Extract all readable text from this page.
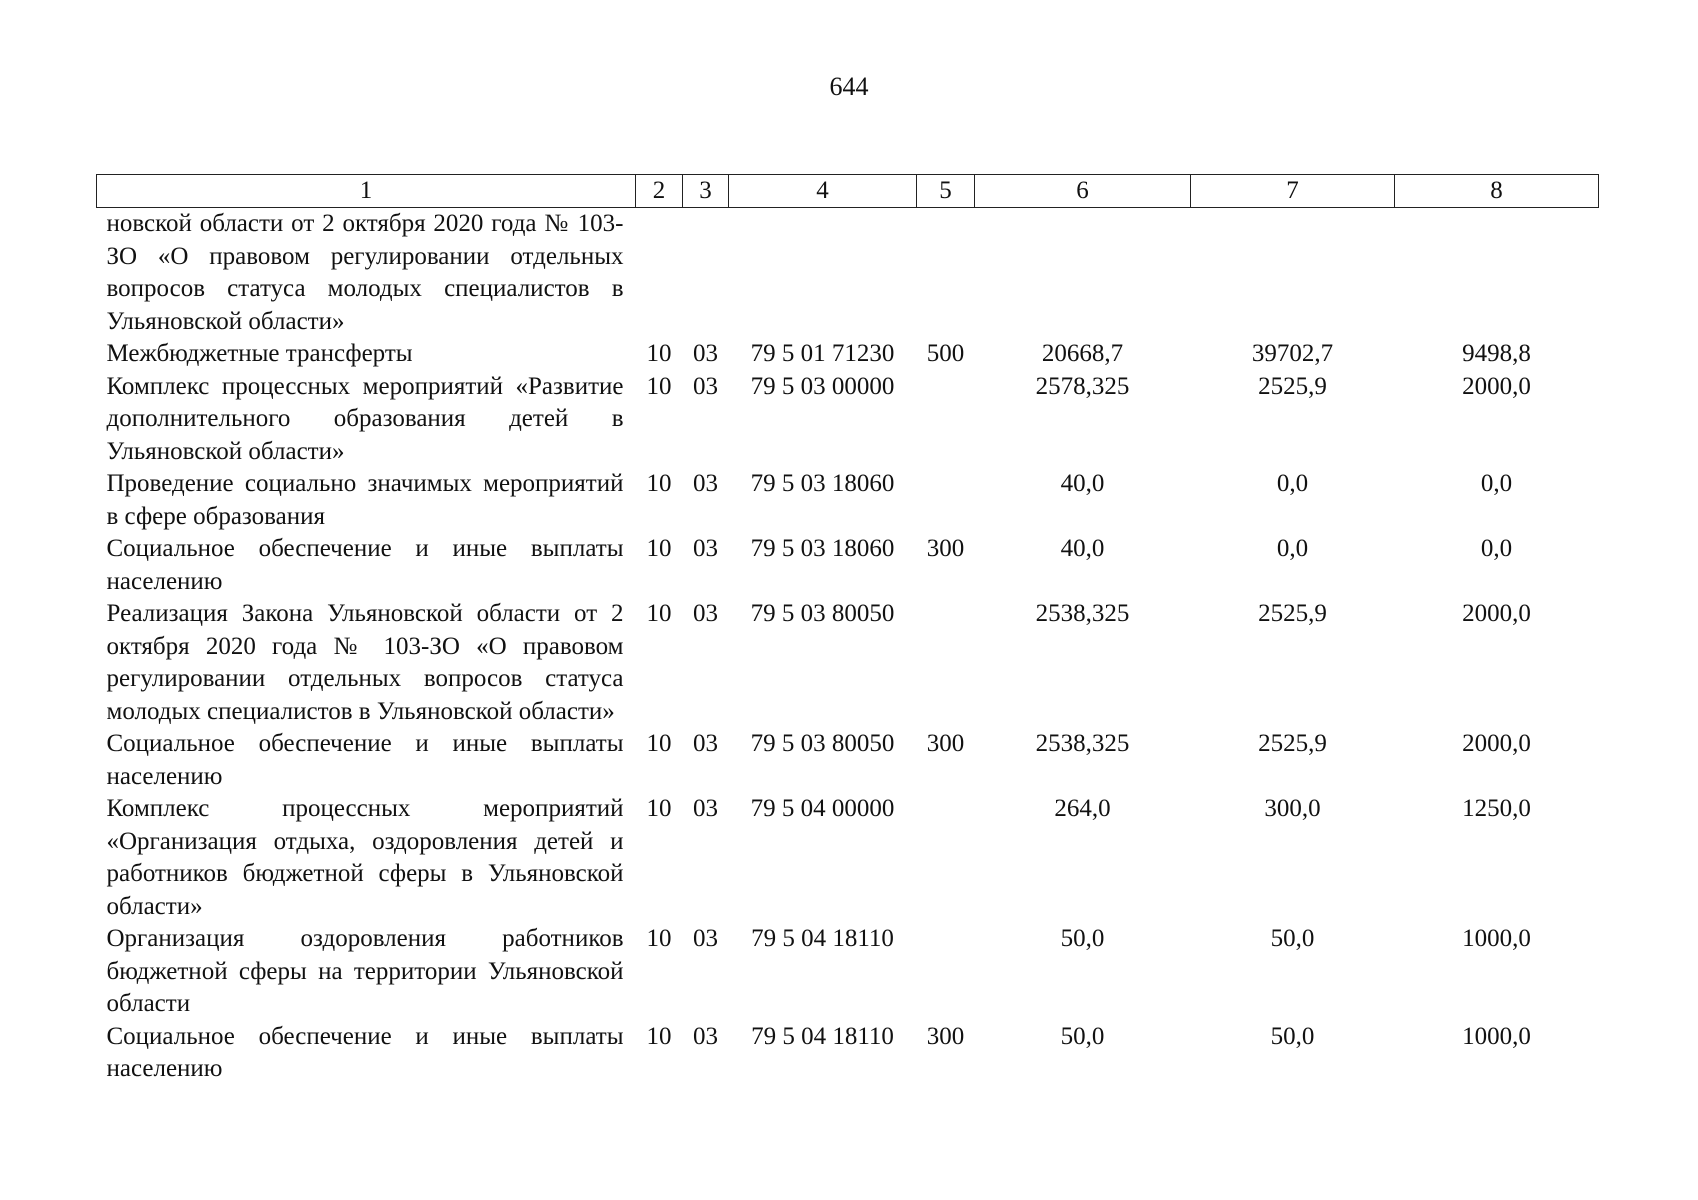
644
1	2	3	4	5	6	7	8
новской области от 2 октября 2020 года № 103-ЗО «О правовом регулировании отдельных вопросов статуса молодых специалистов в Ульяновской области»							
Межбюджетные трансферты	10	03	79 5 01 71230	500	20668,7	39702,7	9498,8
Комплекс процессных мероприятий «Развитие дополнительного образования детей в Ульяновской области»	10	03	79 5 03 00000		2578,325	2525,9	2000,0
Проведение социально значимых мероприятий в сфере образования	10	03	79 5 03 18060		40,0	0,0	0,0
Социальное обеспечение и иные выплаты населению	10	03	79 5 03 18060	300	40,0	0,0	0,0
Реализация Закона Ульяновской области от 2 октября 2020 года № 103-ЗО «О правовом регулировании отдельных вопросов статуса молодых специалистов в Ульяновской области»	10	03	79 5 03 80050		2538,325	2525,9	2000,0
Социальное обеспечение и иные выплаты населению	10	03	79 5 03 80050	300	2538,325	2525,9	2000,0
Комплекс процессных мероприятий «Организация отдыха, оздоровления детей и работников бюджетной сферы в Ульяновской области»	10	03	79 5 04 00000		264,0	300,0	1250,0
Организация оздоровления работников бюджетной сферы на территории Ульяновской области	10	03	79 5 04 18110		50,0	50,0	1000,0
Социальное обеспечение и иные выплаты населению	10	03	79 5 04 18110	300	50,0	50,0	1000,0
